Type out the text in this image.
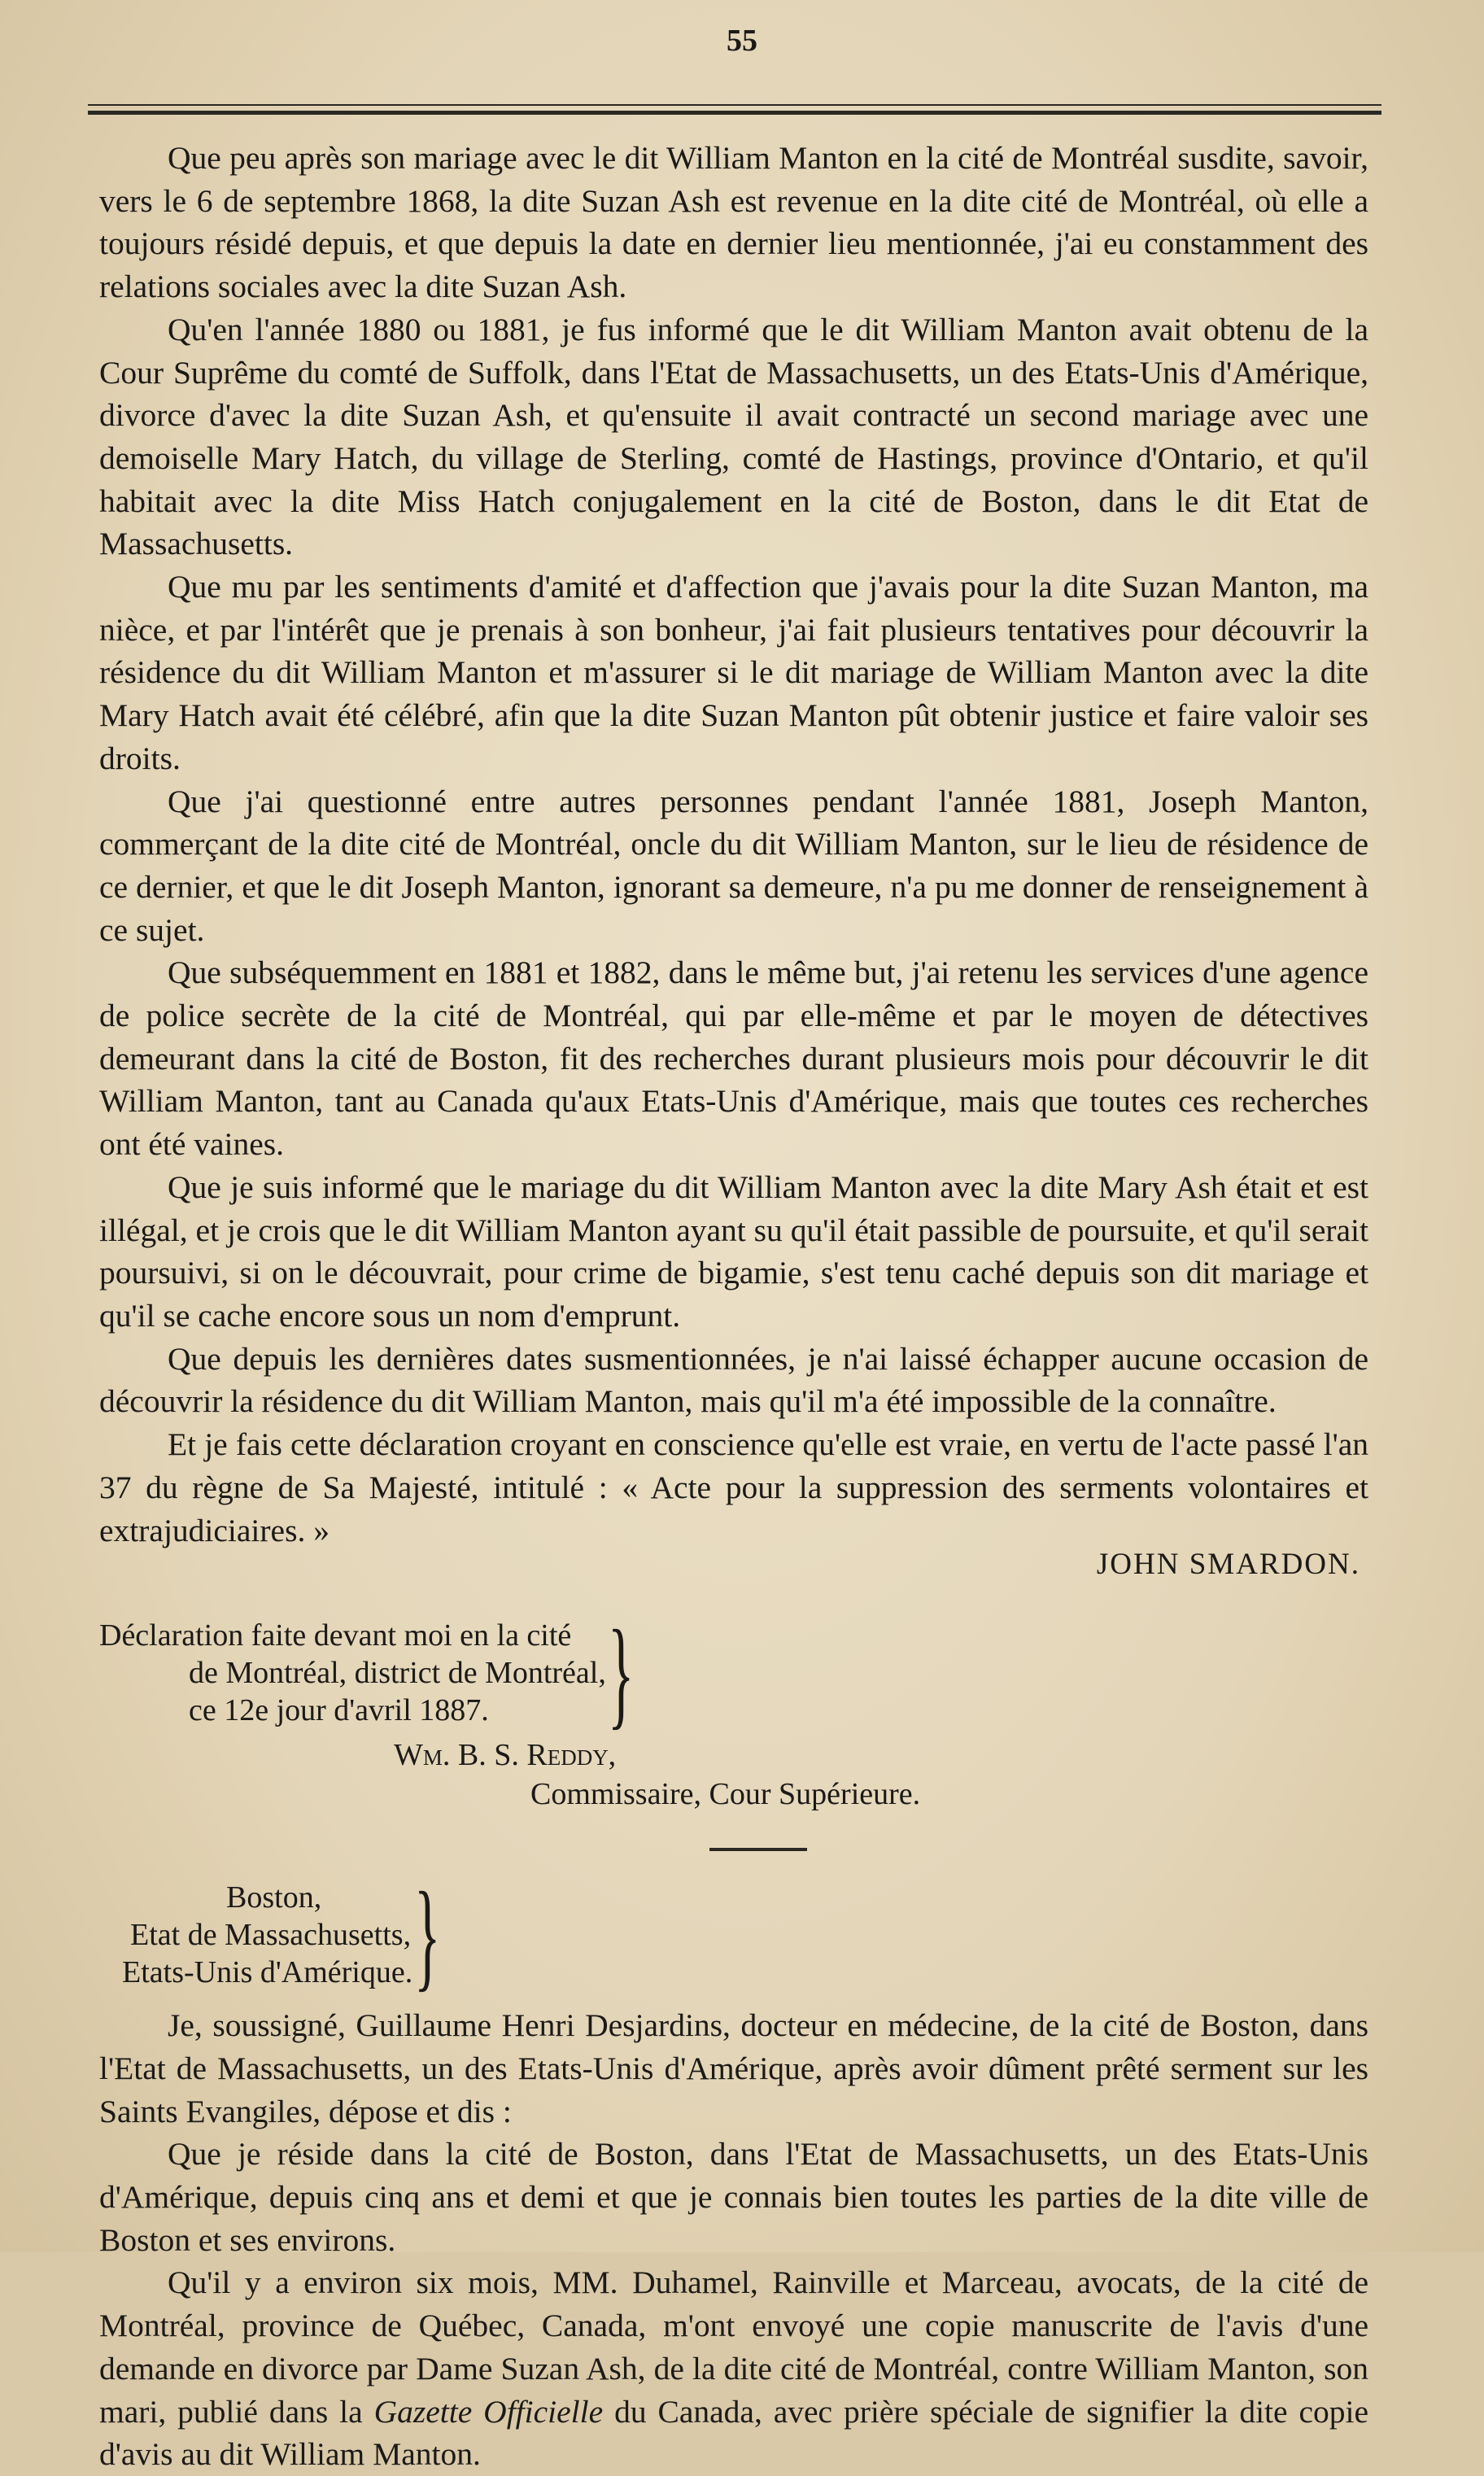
55

Que peu après son mariage avec le dit William Manton en la cité de Montréal susdite, savoir, vers le 6 de septembre 1868, la dite Suzan Ash est revenue en la dite cité de Montréal, où elle a toujours résidé depuis, et que depuis la date en dernier lieu mentionnée, j'ai eu constamment des relations sociales avec la dite Suzan Ash.

Qu'en l'année 1880 ou 1881, je fus informé que le dit William Manton avait obtenu de la Cour Suprême du comté de Suffolk, dans l'Etat de Massachusetts, un des Etats-Unis d'Amérique, divorce d'avec la dite Suzan Ash, et qu'ensuite il avait contracté un second mariage avec une demoiselle Mary Hatch, du village de Sterling, comté de Hastings, province d'Ontario, et qu'il habitait avec la dite Miss Hatch conjugalement en la cité de Boston, dans le dit Etat de Massachusetts.

Que mu par les sentiments d'amité et d'affection que j'avais pour la dite Suzan Manton, ma nièce, et par l'intérêt que je prenais à son bonheur, j'ai fait plusieurs tentatives pour découvrir la résidence du dit William Manton et m'assurer si le dit mariage de William Manton avec la dite Mary Hatch avait été célébré, afin que la dite Suzan Manton pût obtenir justice et faire valoir ses droits.

Que j'ai questionné entre autres personnes pendant l'année 1881, Joseph Manton, commerçant de la dite cité de Montréal, oncle du dit William Manton, sur le lieu de résidence de ce dernier, et que le dit Joseph Manton, ignorant sa demeure, n'a pu me donner de renseignement à ce sujet.

Que subséquemment en 1881 et 1882, dans le même but, j'ai retenu les services d'une agence de police secrète de la cité de Montréal, qui par elle-même et par le moyen de détectives demeurant dans la cité de Boston, fit des recherches durant plusieurs mois pour découvrir le dit William Manton, tant au Canada qu'aux Etats-Unis d'Amérique, mais que toutes ces recherches ont été vaines.

Que je suis informé que le mariage du dit William Manton avec la dite Mary Ash était et est illégal, et je crois que le dit William Manton ayant su qu'il était passible de poursuite, et qu'il serait poursuivi, si on le découvrait, pour crime de bigamie, s'est tenu caché depuis son dit mariage et qu'il se cache encore sous un nom d'emprunt.

Que depuis les dernières dates susmentionnées, je n'ai laissé échapper aucune occasion de découvrir la résidence du dit William Manton, mais qu'il m'a été impossible de la connaître.

Et je fais cette déclaration croyant en conscience qu'elle est vraie, en vertu de l'acte passé l'an 37 du règne de Sa Majesté, intitulé : « Acte pour la suppression des serments volontaires et extrajudiciaires. »

JOHN SMARDON.
Déclaration faite devant moi en la cité
de Montréal, district de Montréal,
ce 12e jour d'avril 1887. }
Wm. B. S. Reddy,
Commissaire, Cour Supérieure.
Boston,
Etat de Massachusetts,
Etats-Unis d'Amérique. }

Je, soussigné, Guillaume Henri Desjardins, docteur en médecine, de la cité de Boston, dans l'Etat de Massachusetts, un des Etats-Unis d'Amérique, après avoir dûment prêté serment sur les Saints Evangiles, dépose et dis :

Que je réside dans la cité de Boston, dans l'Etat de Massachusetts, un des Etats-Unis d'Amérique, depuis cinq ans et demi et que je connais bien toutes les parties de la dite ville de Boston et ses environs.

Qu'il y a environ six mois, MM. Duhamel, Rainville et Marceau, avocats, de la cité de Montréal, province de Québec, Canada, m'ont envoyé une copie manuscrite de l'avis d'une demande en divorce par Dame Suzan Ash, de la dite cité de Montréal, contre William Manton, son mari, publié dans la Gazette Officielle du Canada, avec prière spéciale de signifier la dite copie d'avis au dit William Manton.
